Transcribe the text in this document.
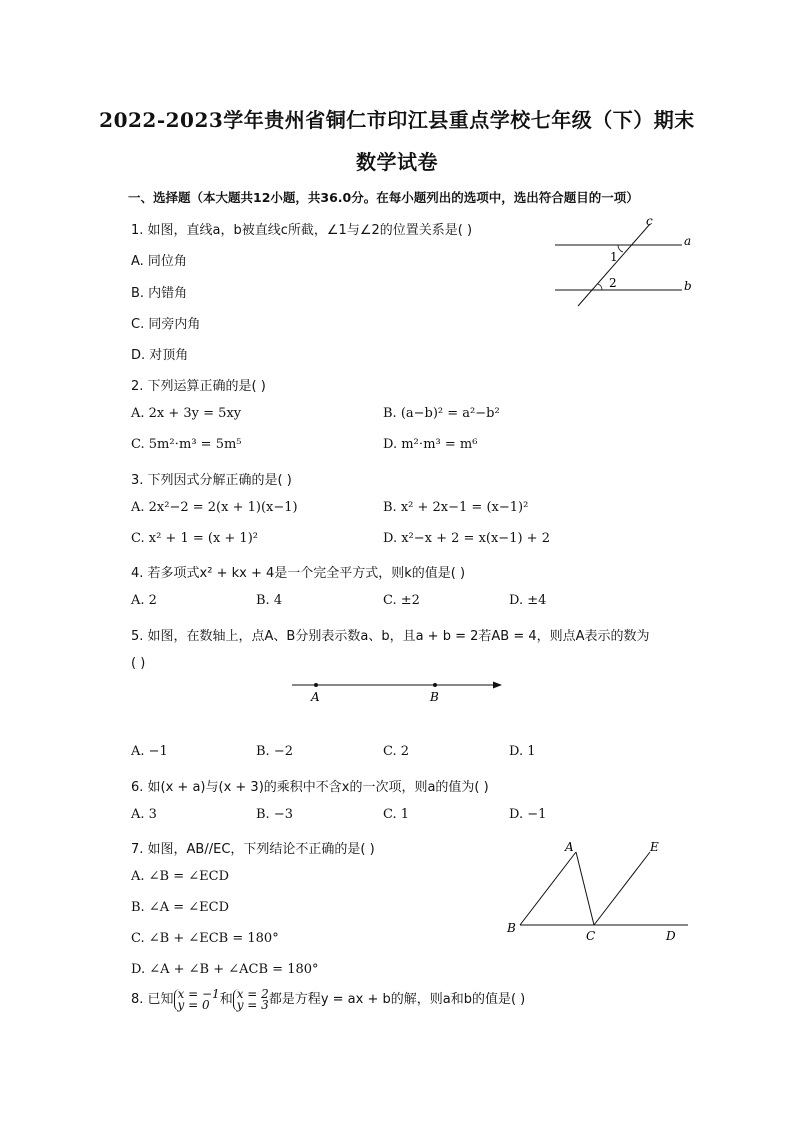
2022-2023学年贵州省铜仁市印江县重点学校七年级（下）期末
数学试卷
一、选择题（本大题共12小题，共36.0分。在每小题列出的选项中，选出符合题目的一项）
1. 如图，直线a，b被直线c所截，∠1与∠2的位置关系是( )
A. 同位角
B. 内错角
C. 同旁内角
D. 对顶角
c
a
b
1
2
2. 下列运算正确的是( )
A. 2x + 3y = 5xy	B. (a−b)² = a²−b²
C. 5m²⋅m³ = 5m⁵	D. m²⋅m³ = m⁶
3. 下列因式分解正确的是( )
A. 2x²−2 = 2(x + 1)(x−1)	B. x² + 2x−1 = (x−1)²
C. x² + 1 = (x + 1)²	D. x²−x + 2 = x(x−1) + 2
4. 若多项式x² + kx + 4是一个完全平方式，则k的值是( )
A. 2	B. 4	C. ±2	D. ±4
5. 如图，在数轴上，点A、B分别表示数a、b，且a + b = 2若AB = 4，则点A表示的数为
( )
A	B
A. −1	B. −2	C. 2	D. 1
6. 如(x + a)与(x + 3)的乘积中不含x的一次项，则a的值为( )
A. 3	B. −3	C. 1	D. −1
7. 如图，AB//EC，下列结论不正确的是( )
A. ∠B = ∠ECD
B. ∠A = ∠ECD
C. ∠B + ∠ECB = 180°
D. ∠A + ∠B + ∠ACB = 180°
A	E
B
C	D
8. 已知 x = −1
y = 0 和 x = 2
y = 3 都是方程y = ax + b的解，则a和b的值是( )
